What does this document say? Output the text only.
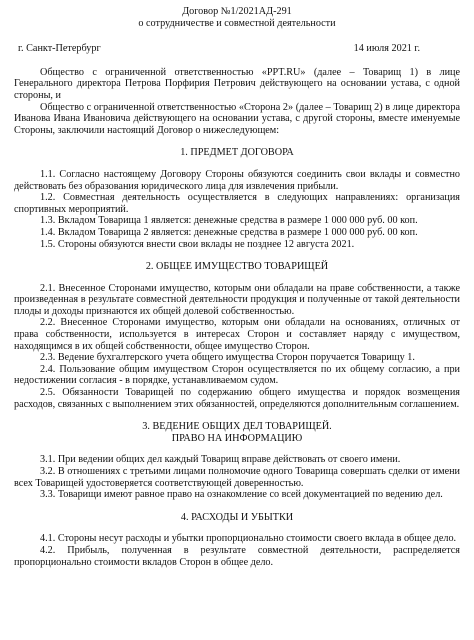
Договор №1/2021АД-291

о сотрудничестве и совместной деятельности

г. Санкт-Петербург	14 июля 2021 г.

Общество с ограниченной ответственностью «PPT.RU» (далее – Товарищ 1) в лице Генерального директора Петрова Порфирия Петрович действующего на основании устава, с одной стороны, и

Общество с ограниченной ответственностью «Сторона 2» (далее – Товарищ 2) в лице директора Иванова Ивана Ивановича действующего на основании устава, с другой стороны, вместе именуемые Стороны, заключили настоящий Договор о нижеследующем:

1. ПРЕДМЕТ ДОГОВОРА

1.1. Согласно настоящему Договору Стороны обязуются соединить свои вклады и совместно действовать без образования юридического лица для извлечения прибыли.

1.2. Совместная деятельность осуществляется в следующих направлениях: организация спортивных мероприятий.

1.3. Вкладом Товарища 1 является: денежные средства в размере 1 000 000 руб. 00 коп.

1.4. Вкладом Товарища 2 является: денежные средства в размере 1 000 000 руб. 00 коп.

1.5. Стороны обязуются внести свои вклады не позднее 12 августа 2021.

2. ОБЩЕЕ ИМУЩЕСТВО ТОВАРИЩЕЙ

2.1. Внесенное Сторонами имущество, которым они обладали на праве собственности, а также произведенная в результате совместной деятельности продукция и полученные от такой деятельности плоды и доходы признаются их общей долевой собственностью.

2.2. Внесенное Сторонами имущество, которым они обладали на основаниях, отличных от права собственности, используется в интересах Сторон и составляет наряду с имуществом, находящимся в их общей собственности, общее имущество Сторон.

2.3. Ведение бухгалтерского учета общего имущества Сторон поручается Товарищу 1.

2.4. Пользование общим имуществом Сторон осуществляется по их общему согласию, а при недостижении согласия - в порядке, устанавливаемом судом.

2.5. Обязанности Товарищей по содержанию общего имущества и порядок возмещения расходов, связанных с выполнением этих обязанностей, определяются дополнительным соглашением.

3. ВЕДЕНИЕ ОБЩИХ ДЕЛ ТОВАРИЩЕЙ.
ПРАВО НА ИНФОРМАЦИЮ

3.1. При ведении общих дел каждый Товарищ вправе действовать от своего имени.

3.2. В отношениях с третьими лицами полномочие одного Товарища совершать сделки от имени всех Товарищей удостоверяется соответствующей доверенностью.

3.3. Товарищи имеют равное право на ознакомление со всей документацией по ведению дел.

4. РАСХОДЫ И УБЫТКИ

4.1. Стороны несут расходы и убытки пропорционально стоимости своего вклада в общее дело.

4.2. Прибыль, полученная в результате совместной деятельности, распределяется пропорционально стоимости вкладов Сторон в общее дело.
